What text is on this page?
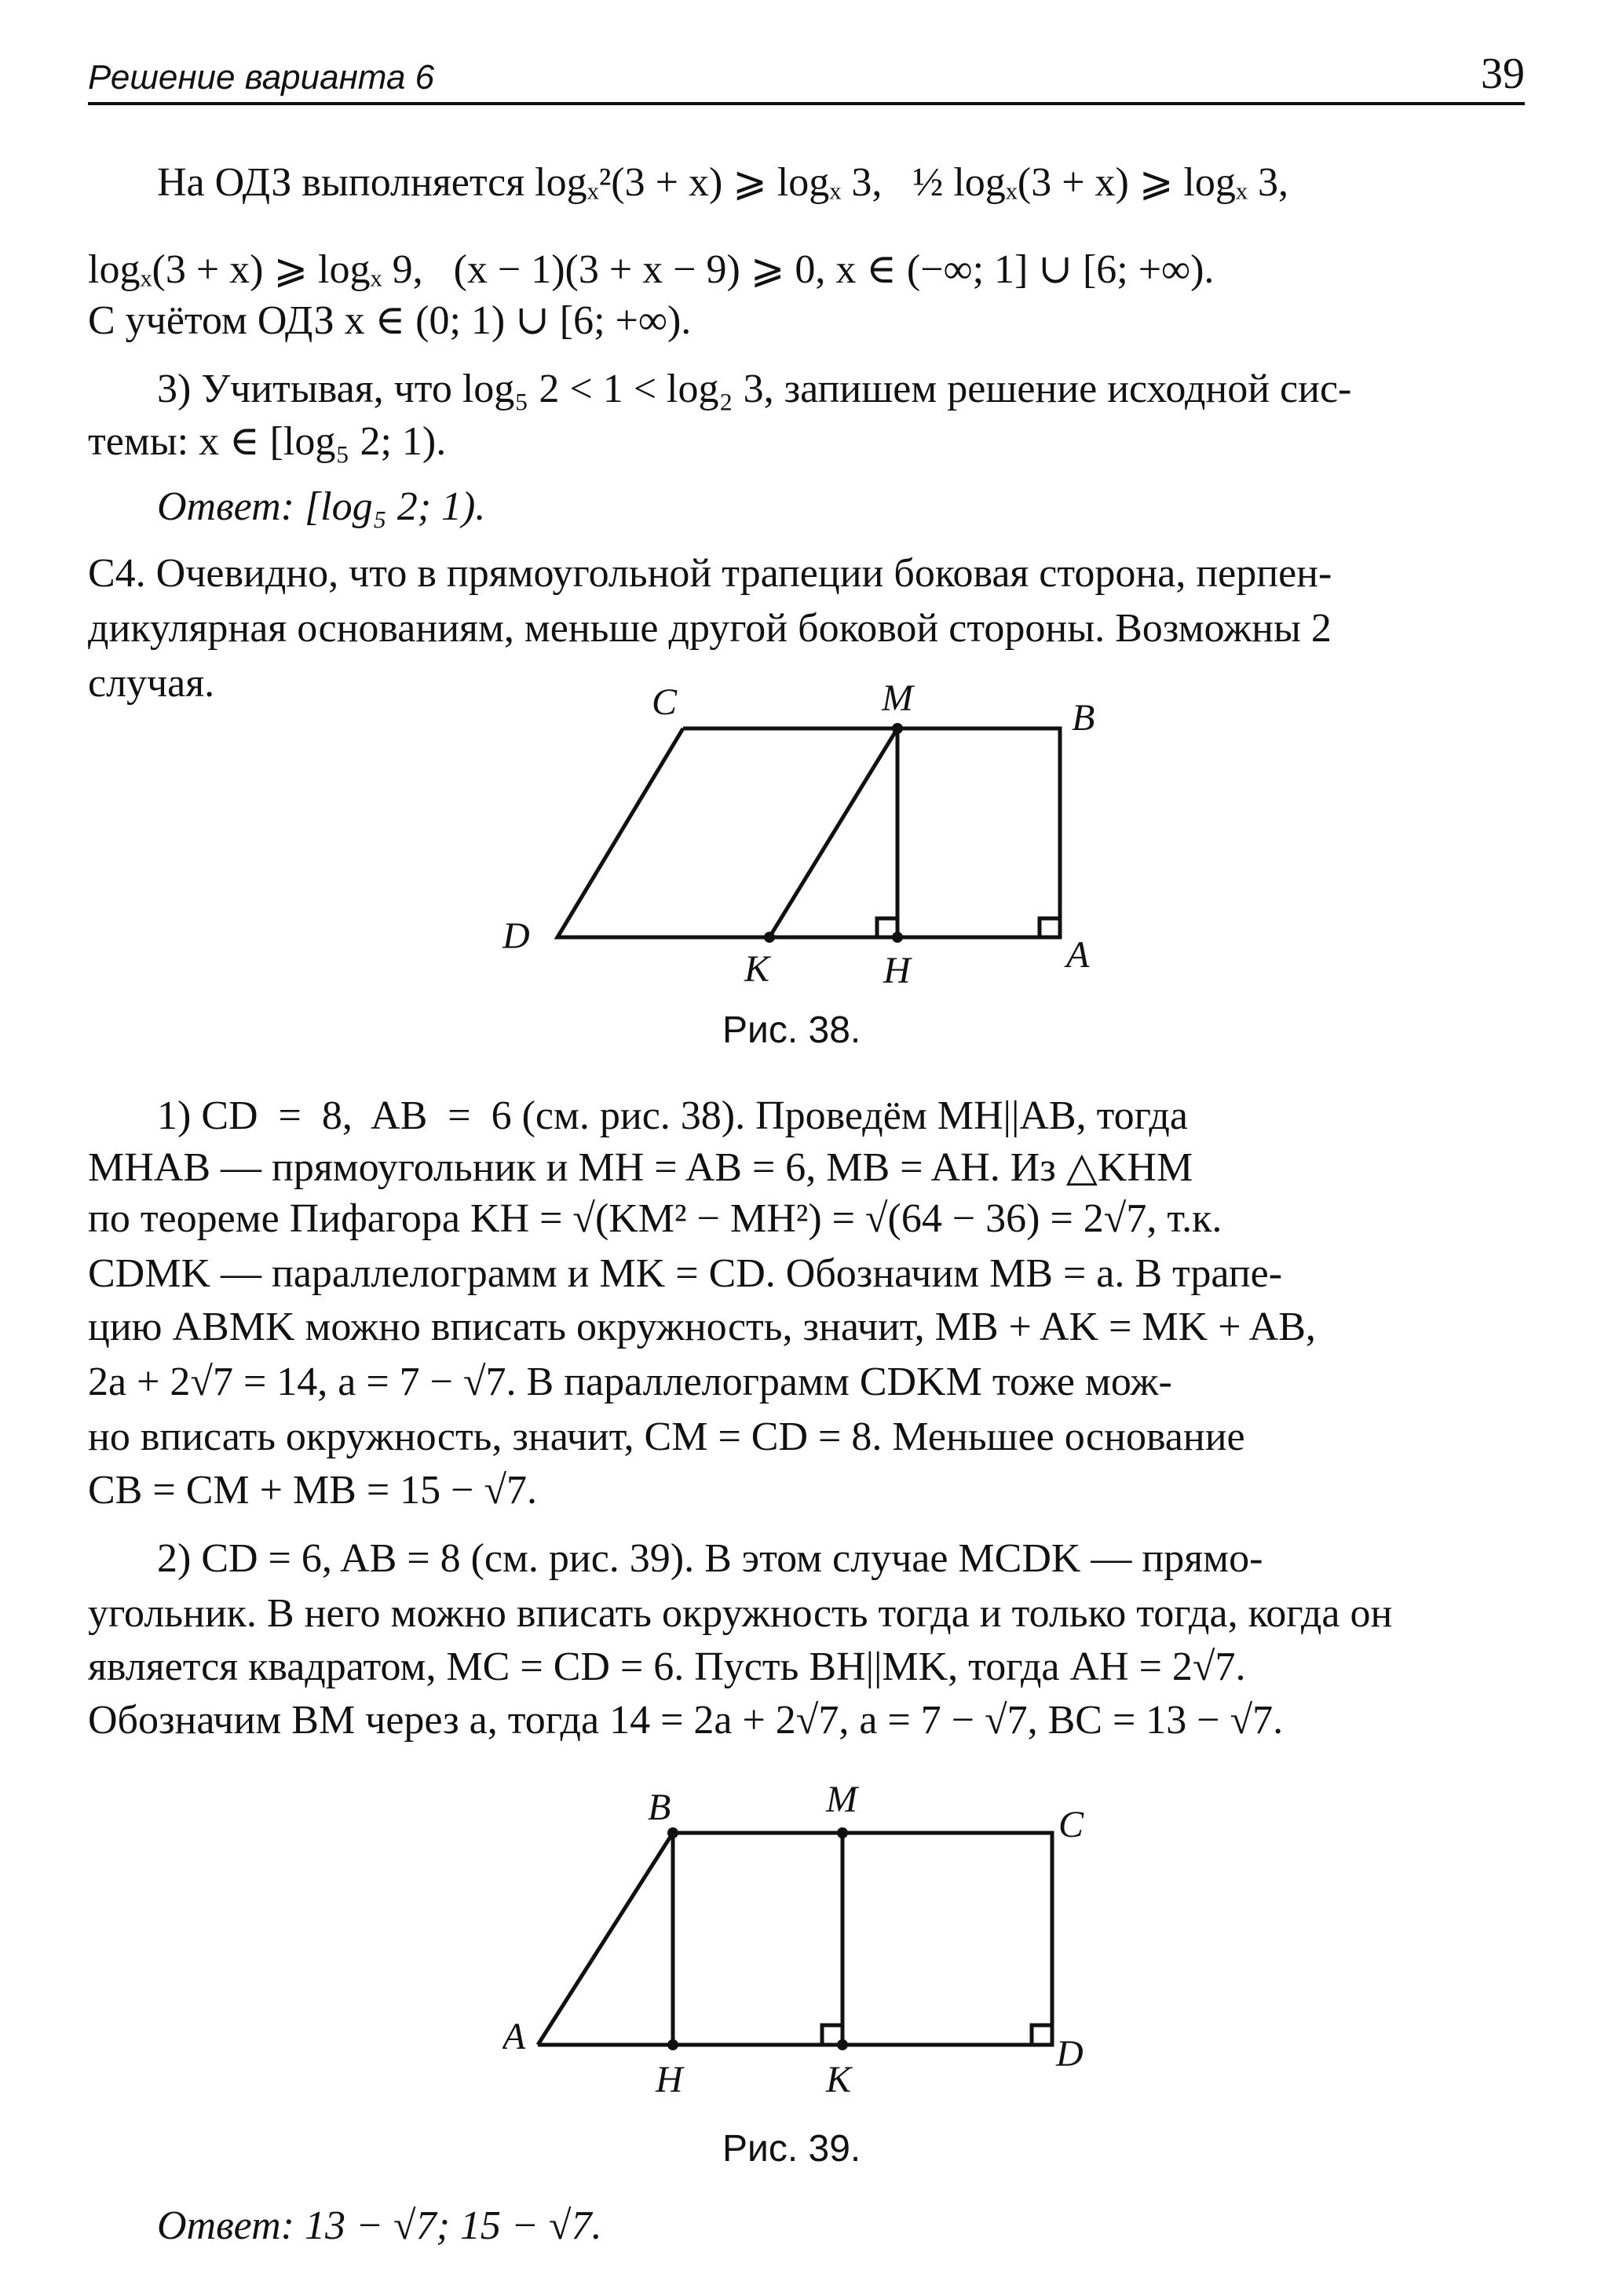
Решение варианта 6	39
На ОДЗ выполняется logₓ²(3 + x) ⩾ logₓ 3,   ½ logₓ(3 + x) ⩾ logₓ 3,
logₓ(3 + x) ⩾ logₓ 9,   (x − 1)(3 + x − 9) ⩾ 0, x ∈ (−∞; 1] ∪ [6; +∞).
С учётом ОДЗ x ∈ (0; 1) ∪ [6; +∞).
3) Учитывая, что log₅ 2 < 1 < log₂ 3, запишем решение исходной сис-
темы: x ∈ [log₅ 2; 1).
Ответ: [log₅ 2; 1).
C4. Очевидно, что в прямоугольной трапеции боковая сторона, перпен-
дикулярная основаниям, меньше другой боковой стороны. Возможны 2
случая.	C	M	B
D
K	H	A
Рис. 38.
1) CD  =  8,  AB  =  6 (см. рис. 38). Проведём MH||AB, тогда
MHAB — прямоугольник и MH = AB = 6, MB = AH. Из △KHM
по теореме Пифагора KH = √(KM² − MH²) = √(64 − 36) = 2√7, т.к.
CDMK — параллелограмм и MK = CD. Обозначим MB = a. В трапе-
цию ABMK можно вписать окружность, значит, MB + AK = MK + AB,
2a + 2√7 = 14, a = 7 − √7. В параллелограмм CDKM тоже мож-
но вписать окружность, значит, CM = CD = 8. Меньшее основание
CB = CM + MB = 15 − √7.
2) CD = 6, AB = 8 (см. рис. 39). В этом случае MCDK — прямо-
угольник. В него можно вписать окружность тогда и только тогда, когда он
является квадратом, MC = CD = 6. Пусть BH||MK, тогда AH = 2√7.
Обозначим BM через a, тогда 14 = 2a + 2√7, a = 7 − √7, BC = 13 − √7.
B	M
C
A
H	K
D
Рис. 39.
Ответ: 13 − √7; 15 − √7.
